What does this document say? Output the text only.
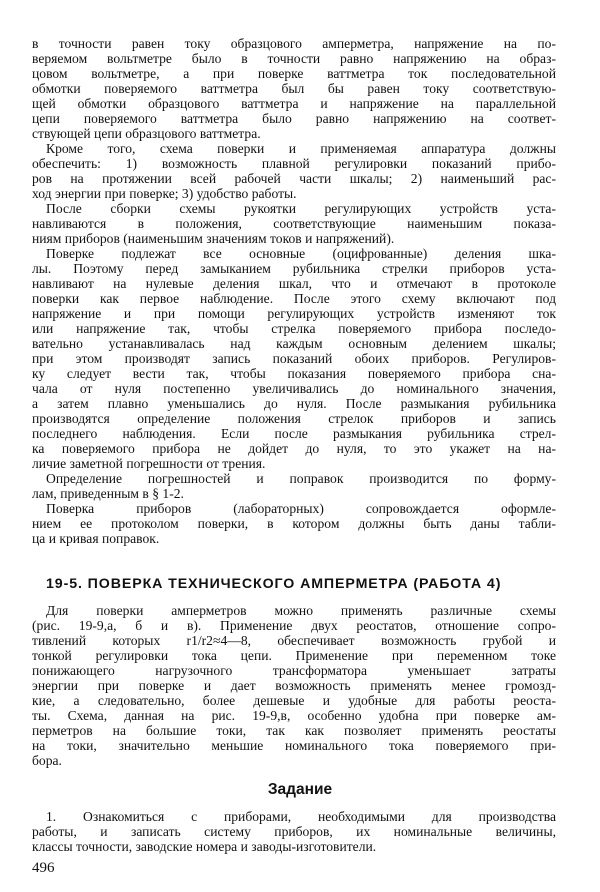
в точности равен току образцового амперметра, напряжение на по-
веряемом вольтметре было в точности равно напряжению на образ-
цовом вольтметре, а при поверке ваттметра ток последовательной
обмотки поверяемого ваттметра был бы равен току соответствую-
щей обмотки образцового ваттметра и напряжение на параллельной
цепи поверяемого ваттметра было равно напряжению на соответ-
ствующей цепи образцового ваттметра.
Кроме того, схема поверки и применяемая аппаратура должны
обеспечить: 1) возможность плавной регулировки показаний прибо-
ров на протяжении всей рабочей части шкалы; 2) наименьший рас-
ход энергии при поверке; 3) удобство работы.
После сборки схемы рукоятки регулирующих устройств уста-
навливаются в положения, соответствующие наименьшим показа-
ниям приборов (наименьшим значениям токов и напряжений).
Поверке подлежат все основные (оцифрованные) деления шка-
лы. Поэтому перед замыканием рубильника стрелки приборов уста-
навливают на нулевые деления шкал, что и отмечают в протоколе
поверки как первое наблюдение. После этого схему включают под
напряжение и при помощи регулирующих устройств изменяют ток
или напряжение так, чтобы стрелка поверяемого прибора последо-
вательно устанавливалась над каждым основным делением шкалы;
при этом производят запись показаний обоих приборов. Регулиров-
ку следует вести так, чтобы показания поверяемого прибора сна-
чала от нуля постепенно увеличивались до номинального значения,
а затем плавно уменьшались до нуля. После размыкания рубильника
производятся определение положения стрелок приборов и запись
последнего наблюдения. Если после размыкания рубильника стрел-
ка поверяемого прибора не дойдет до нуля, то это укажет на на-
личие заметной погрешности от трения.
Определение погрешностей и поправок производится по форму-
лам, приведенным в § 1-2.
Поверка приборов (лабораторных) сопровождается оформле-
нием ее протоколом поверки, в котором должны быть даны табли-
ца и кривая поправок.
19-5. ПОВЕРКА ТЕХНИЧЕСКОГО АМПЕРМЕТРА (РАБОТА 4)
Для поверки амперметров можно применять различные схемы
(рис. 19-9,а, б и в). Применение двух реостатов, отношение сопро-
тивлений которых r1/r2≈4—8, обеспечивает возможность грубой и
тонкой регулировки тока цепи. Применение при переменном токе
понижающего нагрузочного трансформатора уменьшает затраты
энергии при поверке и дает возможность применять менее громозд-
кие, а следовательно, более дешевые и удобные для работы реоста-
ты. Схема, данная на рис. 19-9,в, особенно удобна при поверке ам-
перметров на большие токи, так как позволяет применять реостаты
на токи, значительно меньшие номинального тока поверяемого при-
бора.
Задание
1. Ознакомиться с приборами, необходимыми для производства
работы, и записать систему приборов, их номинальные величины,
классы точности, заводские номера и заводы-изготовители.
496
